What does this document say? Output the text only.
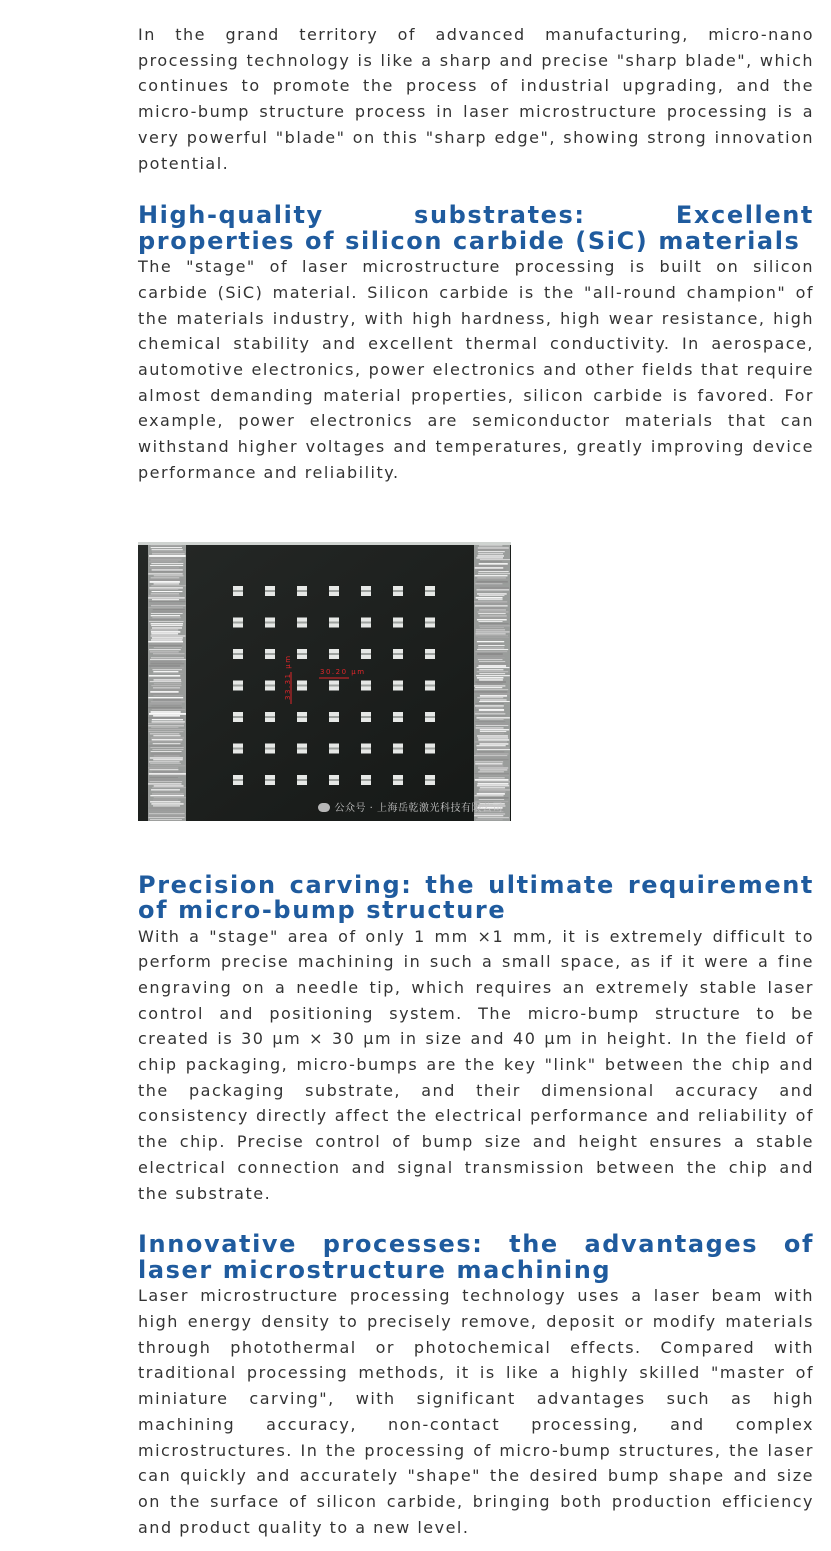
In the grand territory of advanced manufacturing, micro-nano processing technology is like a sharp and precise "sharp blade", which continues to promote the process of industrial upgrading, and the micro-bump structure process in laser microstructure processing is a very powerful "blade" on this "sharp edge", showing strong innovation potential.

High-quality substrates: Excellent properties of silicon carbide (SiC) materials

The "stage" of laser microstructure processing is built on silicon carbide (SiC) material. Silicon carbide is the "all-round champion" of the materials industry, with high hardness, high wear resistance, high chemical stability and excellent thermal conductivity. In aerospace, automotive electronics, power electronics and other fields that require almost demanding material properties, silicon carbide is favored. For example, power electronics are semiconductor materials that can withstand higher voltages and temperatures, greatly improving device performance and reliability.

30.20 μm
33.31 μm
公众号 · 上海岳乾激光科技有限公司
Precision carving: the ultimate requirement of micro-bump structure

With a "stage" area of only 1 mm ×1 mm, it is extremely difficult to perform precise machining in such a small space, as if it were a fine engraving on a needle tip, which requires an extremely stable laser control and positioning system. The micro-bump structure to be created is 30 μm × 30 μm in size and 40 μm in height. In the field of chip packaging, micro-bumps are the key "link" between the chip and the packaging substrate, and their dimensional accuracy and consistency directly affect the electrical performance and reliability of the chip. Precise control of bump size and height ensures a stable electrical connection and signal transmission between the chip and the substrate.

Innovative processes: the advantages of laser microstructure machining

Laser microstructure processing technology uses a laser beam with high energy density to precisely remove, deposit or modify materials through photothermal or photochemical effects. Compared with traditional processing methods, it is like a highly skilled "master of miniature carving", with significant advantages such as high machining accuracy, non-contact processing, and complex microstructures. In the processing of micro-bump structures, the laser can quickly and accurately "shape" the desired bump shape and size on the surface of silicon carbide, bringing both production efficiency and product quality to a new level.
